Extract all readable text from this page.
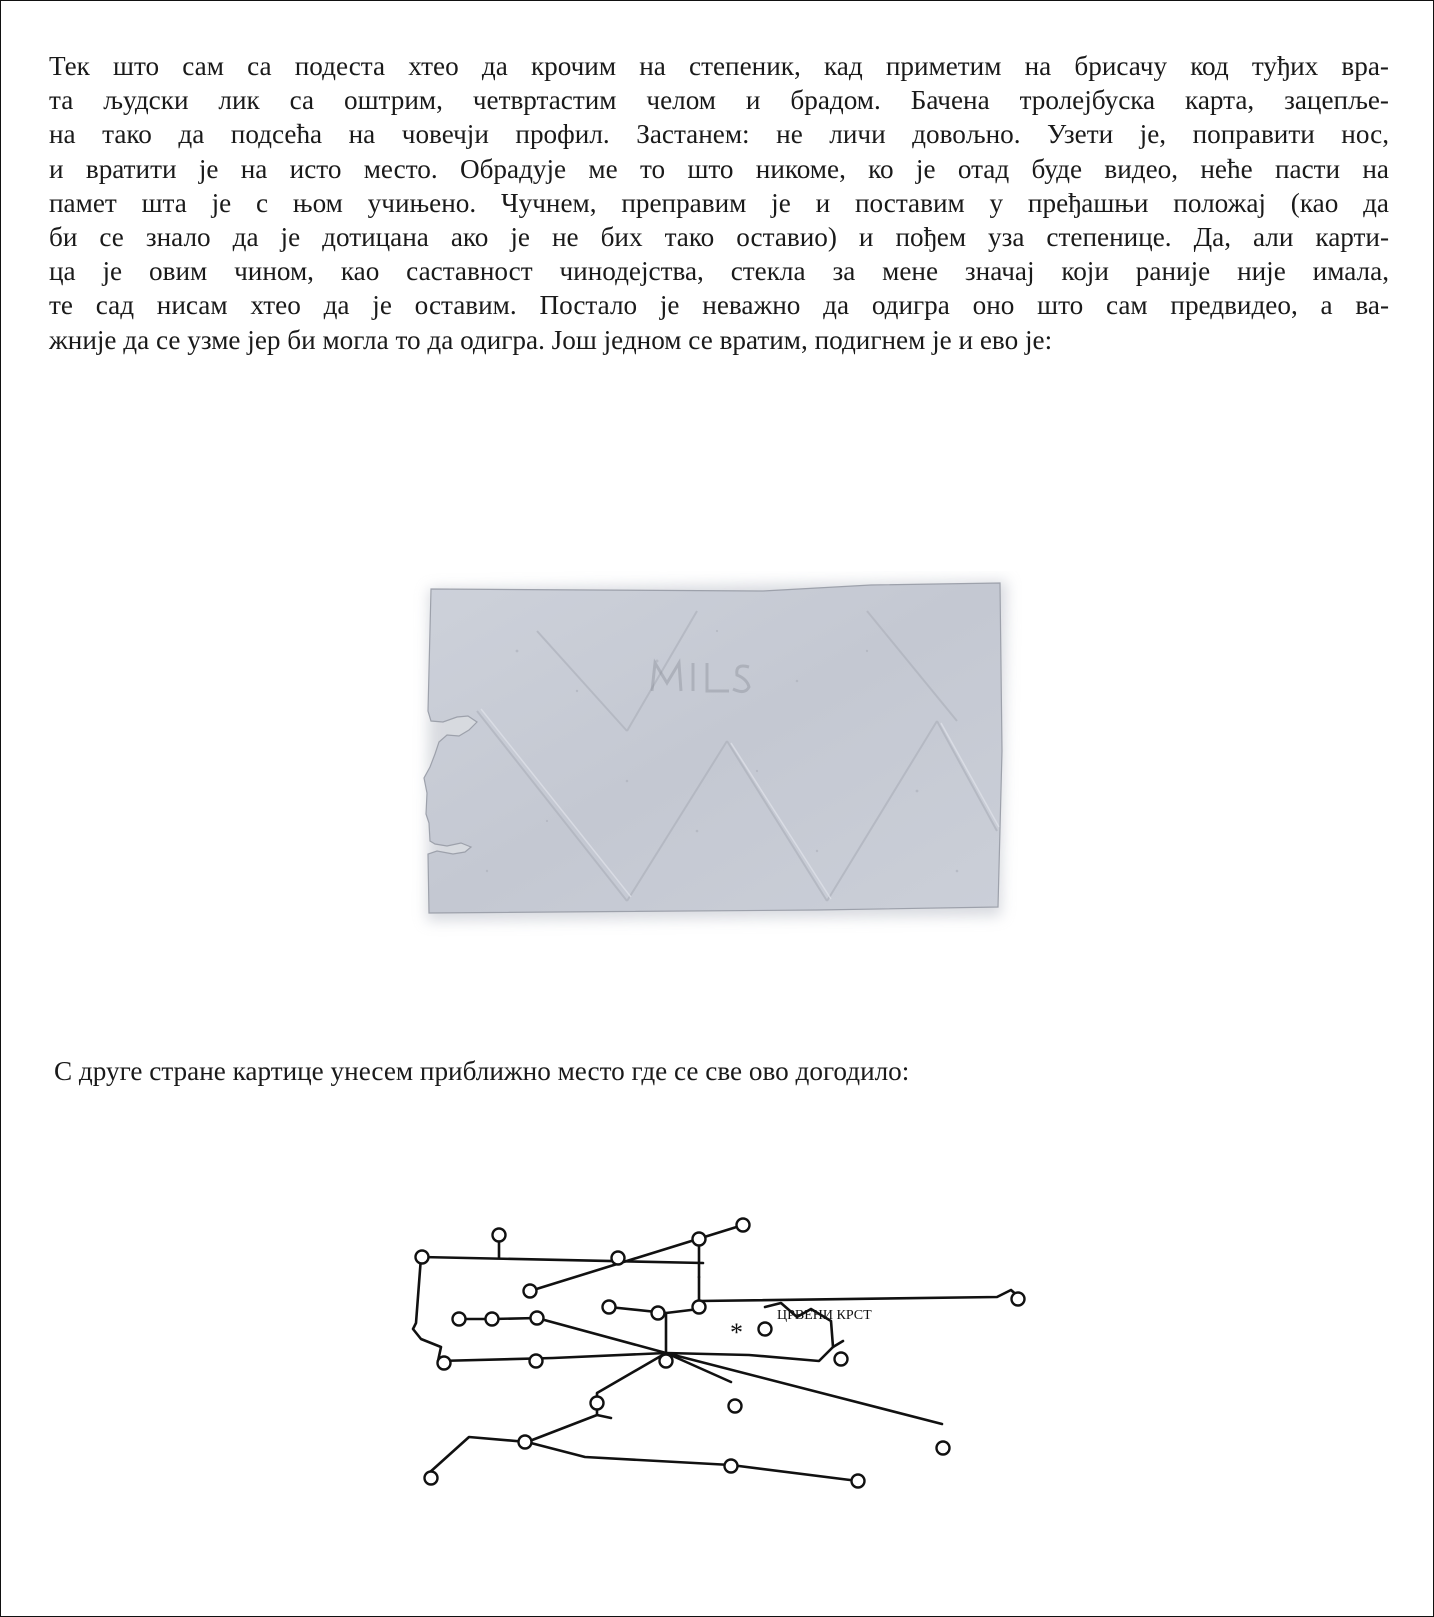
Тек што сам са подеста хтео да крочим на степеник, кад приметим на брисачу код туђих вра-
та људски лик са оштрим, четвртастим челом и брадом. Бачена тролејбуска карта, зацепље-
на тако да подсећа на човечји профил. Застанем: не личи довољно. Узети је, поправити нос,
и вратити је на исто место. Обрадује ме то што никоме, ко је отад буде видео, неће пасти на
памет шта је с њом учињено. Чучнем, преправим је и поставим у пређашњи положај (као да
би се знало да је дотицана ако је не бих тако оставио) и пођем уза степенице. Да, али карти-
ца је овим чином, као саставност чинодејства, стекла за мене значај који раније није имала,
те сад нисам хтео да је оставим. Постало је неважно да одигра оно што сам предвидео, а ва-
жније да се узме јер би могла то да одигра. Још једном се вратим, подигнем је и ево је:

С друге стране картице унесем приближно место где се све ово догодило:

*
ЦРВЕНИ КРСТ
